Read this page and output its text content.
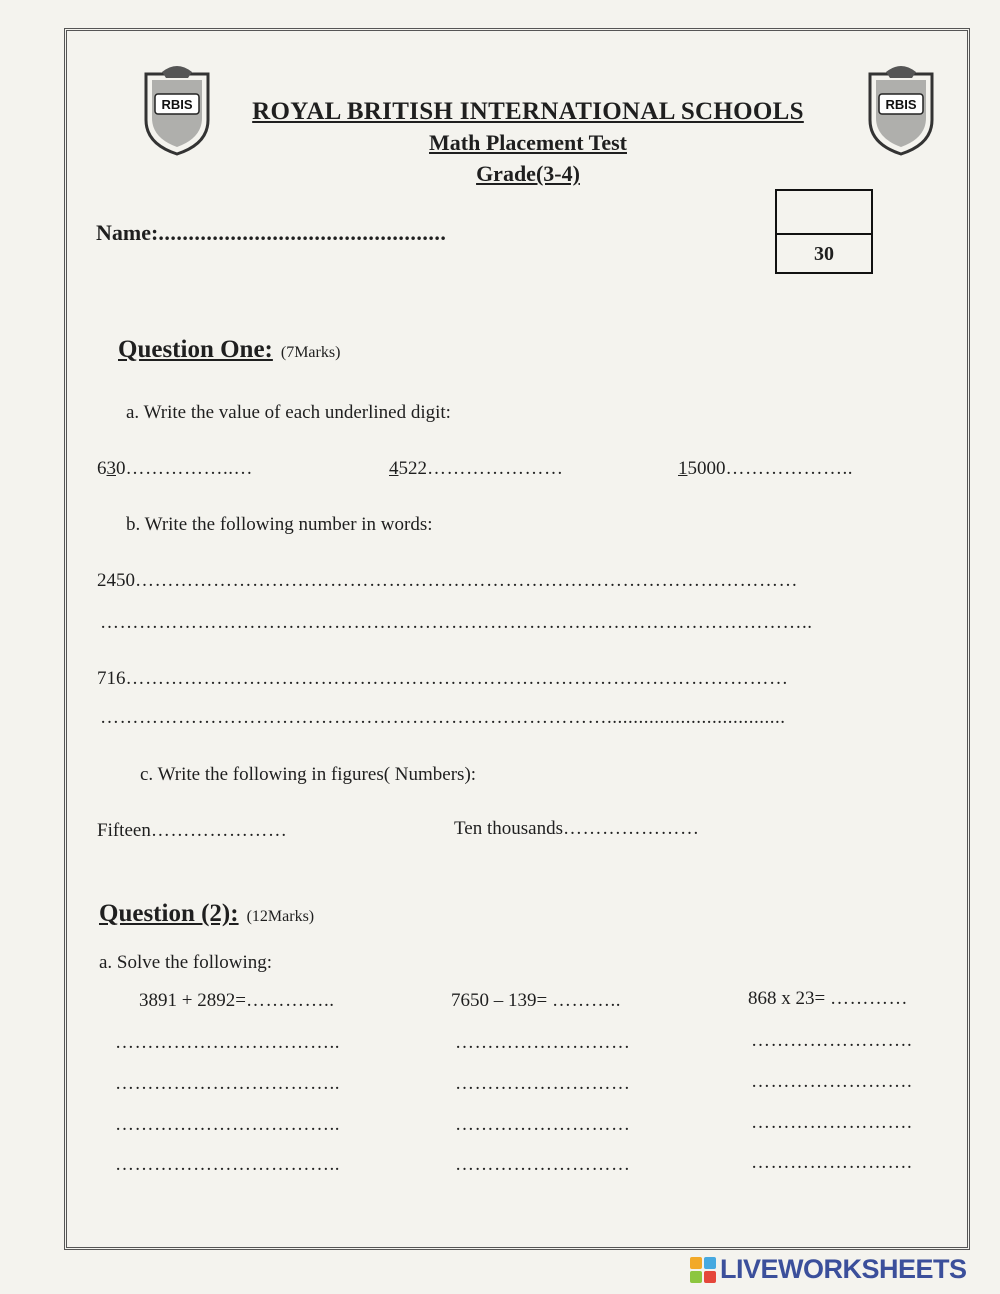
RBIS	RBIS
ROYAL BRITISH INTERNATIONAL SCHOOLS
Math Placement Test
Grade(3-4)
Name:................................................
30
Question One: (7Marks)
a. Write the value of each underlined digit:
630……………..…	4522…………………	15000………………..
b. Write the following number in words:
2450…………………………………………………………………………………………
………………………………………………………………………………………………..
716…………………………………………………………………………………………
……………………………………………………………………..................................
c. Write the following in figures( Numbers):
Fifteen…………………	Ten thousands…………………
Question (2): (12Marks)
a. Solve the following:
3891 + 2892=…………..	7650 – 139= ………..	868 x 23= …………
……………………………..	………………………	…………………….
……………………………..	………………………	…………………….
……………………………..	………………………	…………………….
……………………………..	………………………	…………………….
LIVEWORKSHEETS
